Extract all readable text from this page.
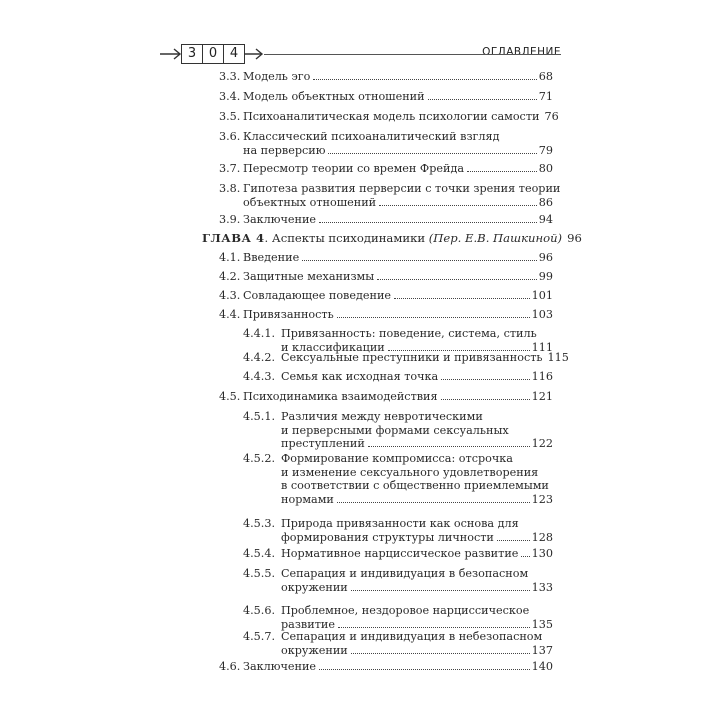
3 0 4	ОГЛАВЛЕНИЕ
3.3. Модель эго	68
3.4. Модель объектных отношений	71
3.5. Психоаналитическая модель психологии самости 76
3.6. Классический психоаналитический взгляд
на перверсию	79
3.7. Пересмотр теории со времен Фрейда	80
3.8. Гипотеза развития перверсии с точки зрения теории
объектных отношений	86
3.9. Заключение	94
ГЛАВА 4. Аспекты психодинамики (Пер. Е.В. Пашкиной) 96
4.1. Введение	96
4.2. Защитные механизмы	99
4.3. Совладающее поведение	101
4.4. Привязанность	103
4.4.1. Привязанность: поведение, система, стиль
и классификации	111
4.4.2. Сексуальные преступники и привязанность 115
4.4.3. Семья как исходная точка	116
4.5. Психодинамика взаимодействия	121
4.5.1. Различия между невротическими
и перверсными формами сексуальных
преступлений	122
4.5.2. Формирование компромисса: отсрочка
и изменение сексуального удовлетворения
в соответствии с общественно приемлемыми
нормами	123
4.5.3. Природа привязанности как основа для
формирования структуры личности	128
4.5.4. Нормативное нарциссическое развитие 130
4.5.5. Сепарация и индивидуация в безопасном
окружении	133
4.5.6. Проблемное, нездоровое нарциссическое
развитие	135
4.5.7. Сепарация и индивидуация в небезопасном
окружении	137
4.6. Заключение	140
